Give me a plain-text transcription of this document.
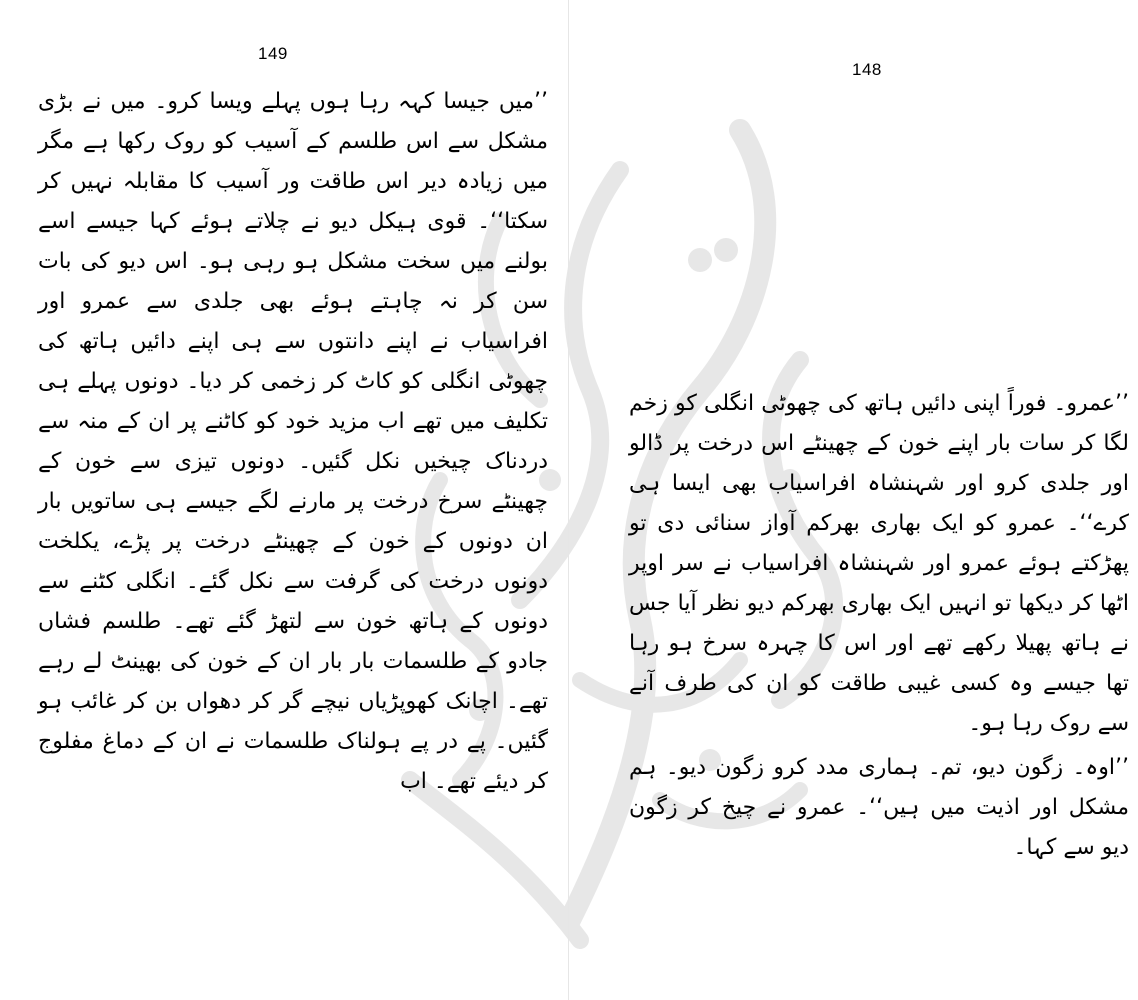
149

’’میں جیسا کہہ رہا ہوں پہلے ویسا کرو۔ میں نے بڑی مشکل سے اس طلسم کے آسیب کو روک رکھا ہے مگر میں زیادہ دیر اس طاقت ور آسیب کا مقابلہ نہیں کر سکتا‘‘۔ قوی ہیکل دیو نے چلاتے ہوئے کہا جیسے اسے بولنے میں سخت مشکل ہو رہی ہو۔ اس دیو کی بات سن کر نہ چاہتے ہوئے بھی جلدی سے عمرو اور افراسیاب نے اپنے دانتوں سے ہی اپنے دائیں ہاتھ کی چھوٹی انگلی کو کاٹ کر زخمی کر دیا۔ دونوں پہلے ہی تکلیف میں تھے اب مزید خود کو کاٹنے پر ان کے منہ سے دردناک چیخیں نکل گئیں۔ دونوں تیزی سے خون کے چھینٹے سرخ درخت پر مارنے لگے جیسے ہی ساتویں بار ان دونوں کے خون کے چھینٹے درخت پر پڑے، یکلخت دونوں درخت کی گرفت سے نکل گئے۔ انگلی کٹنے سے دونوں کے ہاتھ خون سے لتھڑ گئے تھے۔ طلسم فشاں جادو کے طلسمات بار بار ان کے خون کی بھینٹ لے رہے تھے۔ اچانک کھوپڑیاں نیچے گر کر دھواں بن کر غائب ہو گئیں۔ پے در پے ہولناک طلسمات نے ان کے دماغ مفلوج کر دیئے تھے۔ اب

148

’’عمرو۔ فوراً اپنی دائیں ہاتھ کی چھوٹی انگلی کو زخم لگا کر سات بار اپنے خون کے چھینٹے اس درخت پر ڈالو اور جلدی کرو اور شہنشاہ افراسیاب بھی ایسا ہی کرے‘‘۔ عمرو کو ایک بھاری بھرکم آواز سنائی دی تو پھڑکتے ہوئے عمرو اور شہنشاہ افراسیاب نے سر اوپر اٹھا کر دیکھا تو انہیں ایک بھاری بھرکم دیو نظر آیا جس نے ہاتھ پھیلا رکھے تھے اور اس کا چہرہ سرخ ہو رہا تھا جیسے وہ کسی غیبی طاقت کو ان کی طرف آنے سے روک رہا ہو۔

’’اوہ۔ زگون دیو، تم۔ ہماری مدد کرو زگون دیو۔ ہم مشکل اور اذیت میں ہیں‘‘۔ عمرو نے چیخ کر زگون دیو سے کہا۔
